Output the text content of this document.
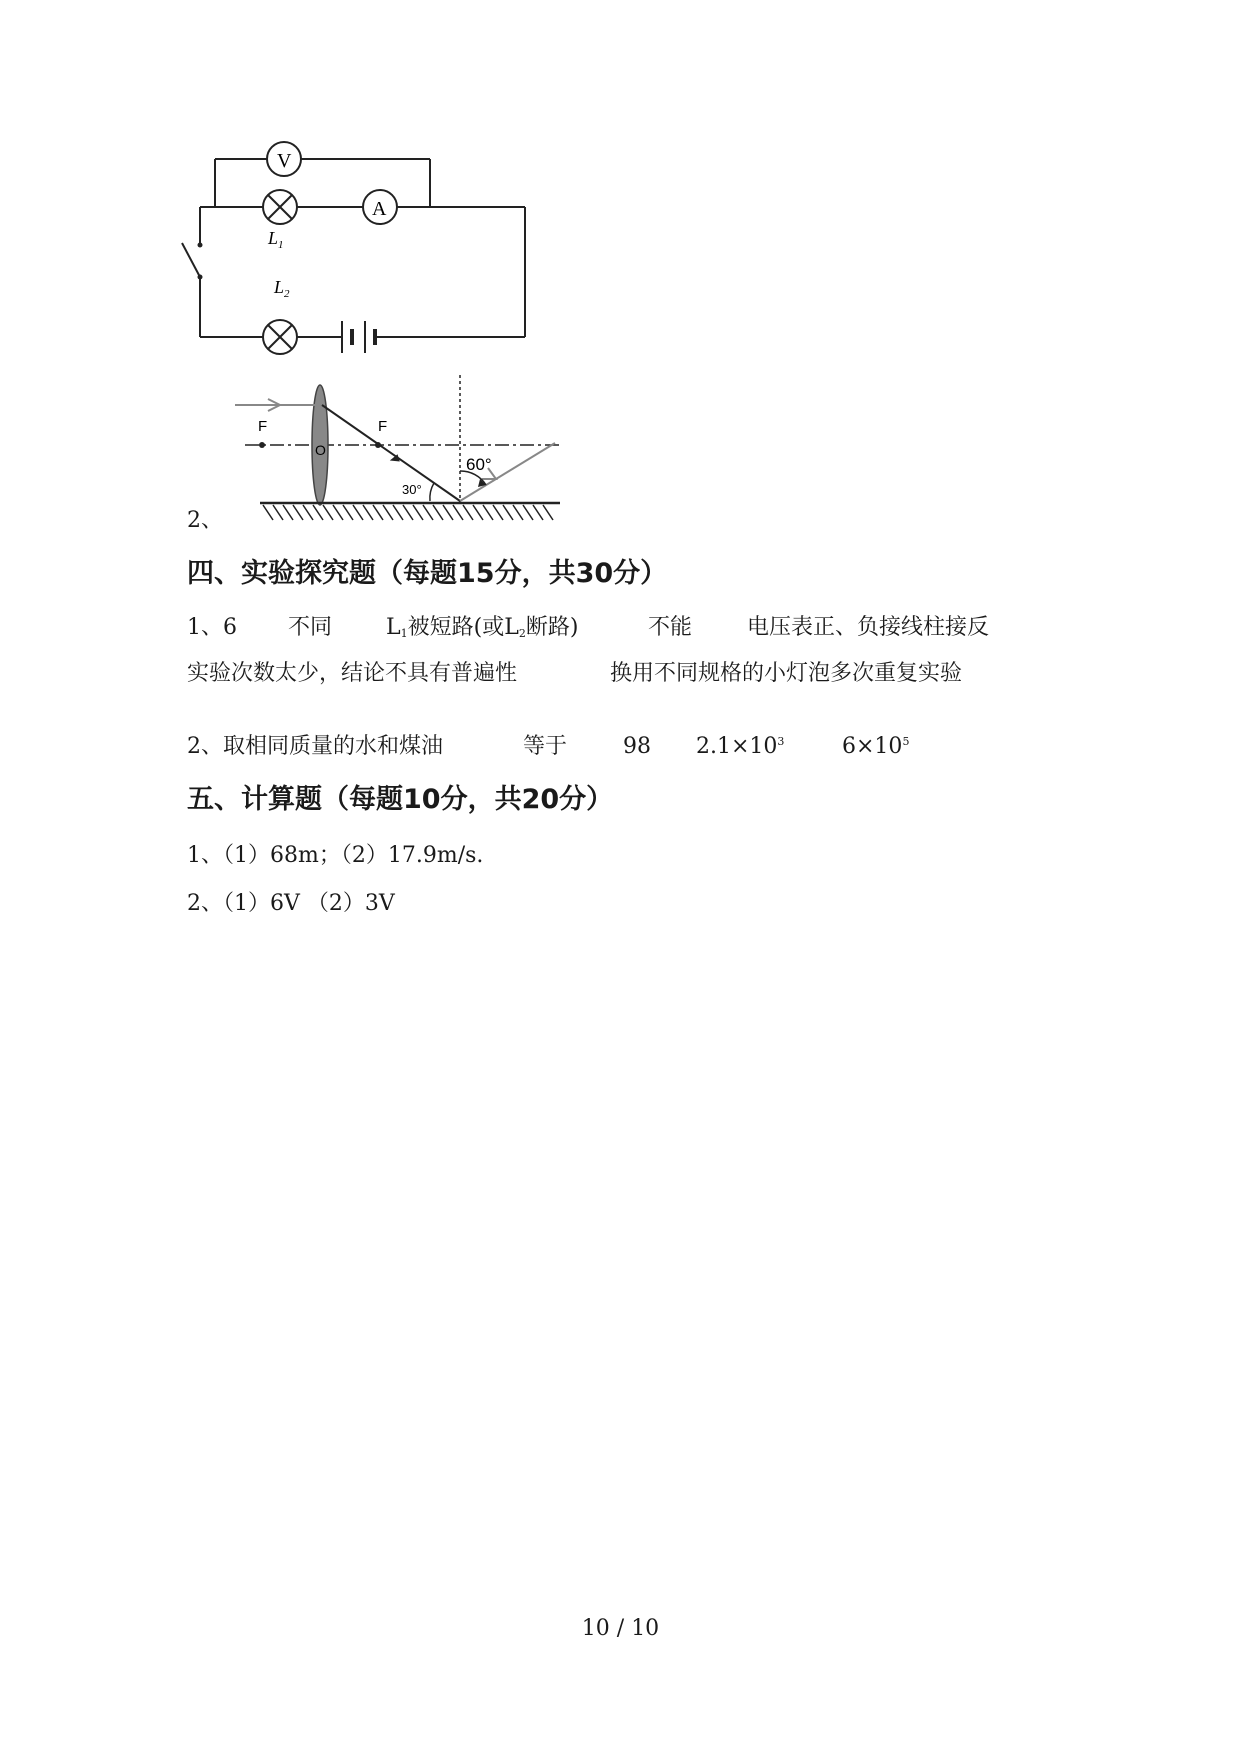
V
A
$L_1$
$L_2$
2、
F	F
O
30°
60°
四、实验探究题（每题15分，共30分）
1、6 不同 $L_1$被短路(或$L_2$断路)	不能 电压表正、负接线柱接反
实验次数太少，结论不具有普遍性	换用不同规格的小灯泡多次重复实验
2、取相同质量的水和煤油	等于	98 $2.1\times 10^3$	$6\times 10^5$
五、计算题（每题10分，共20分）
1、（1）68m；（2）17.9m/s.
2、（1）6V （2）3V
10 / 10
